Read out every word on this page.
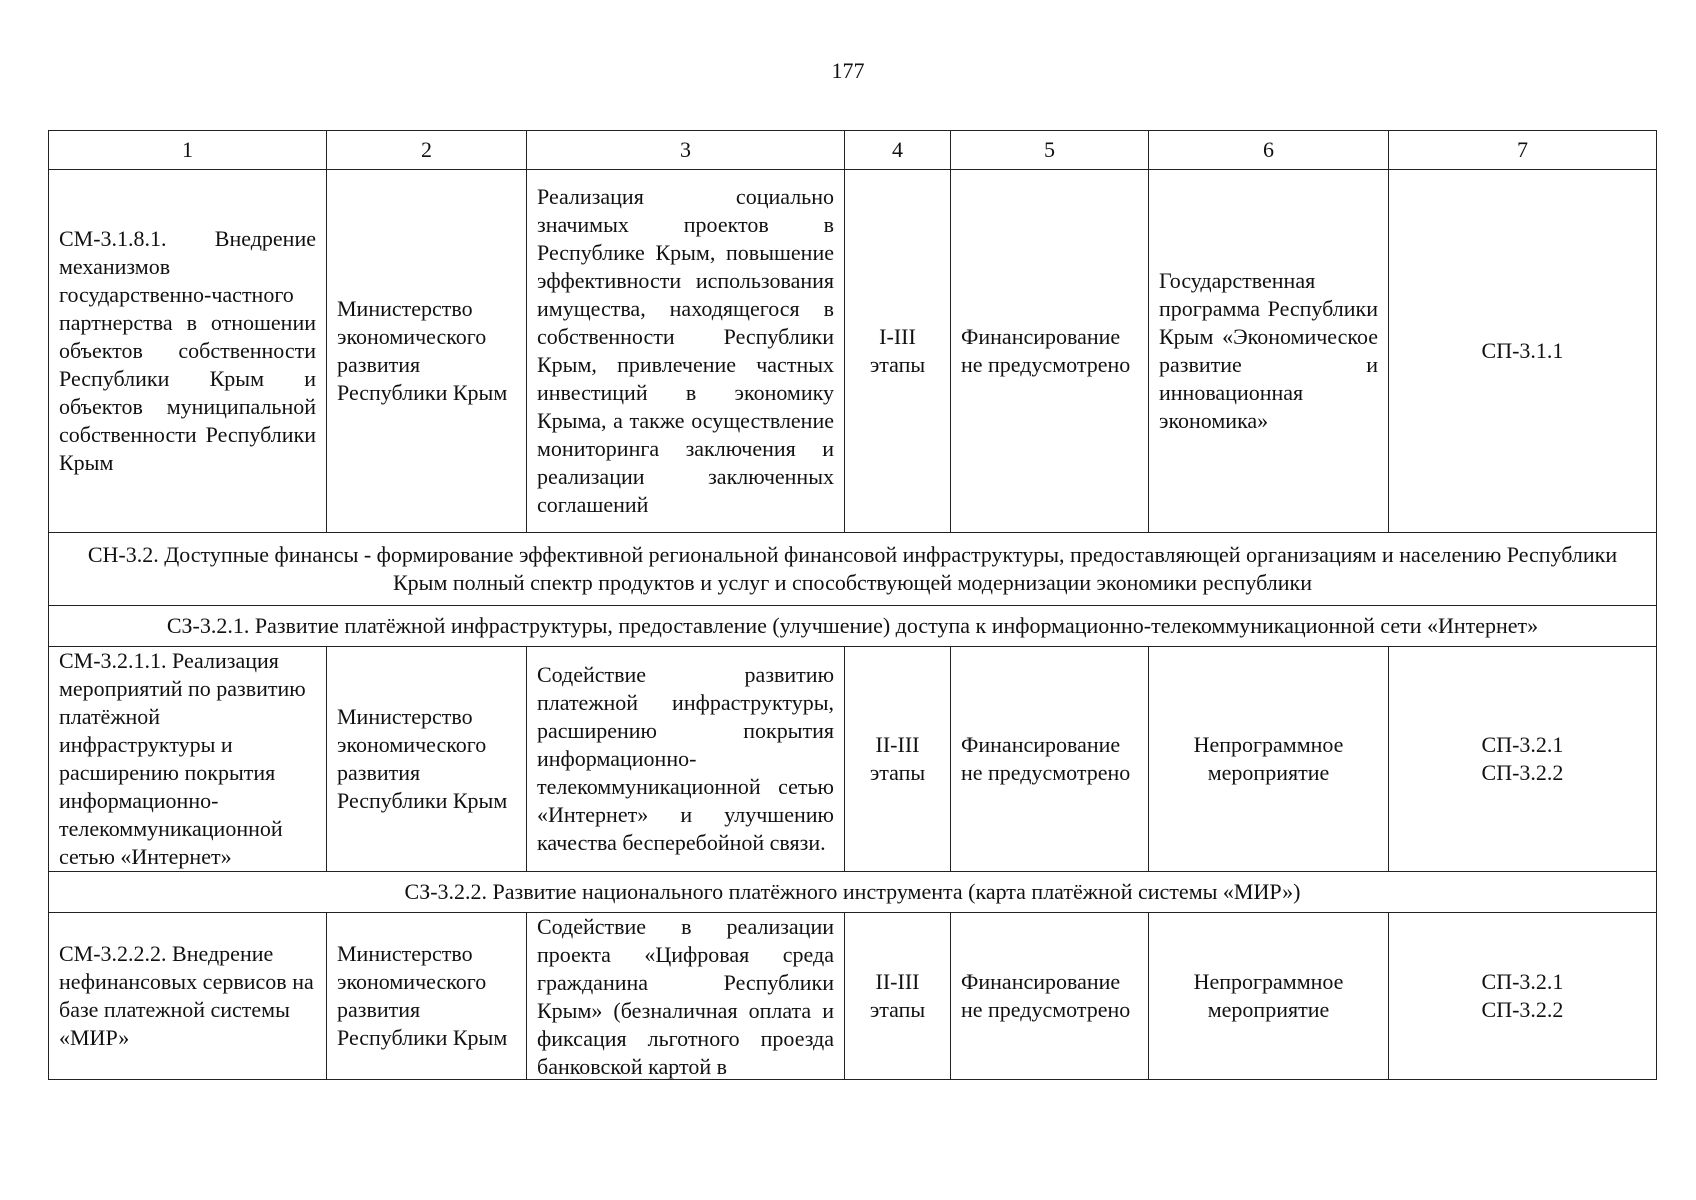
177
1	2	3	4	5	6	7
СМ-3.1.8.1. Внедрение механизмов государственно-частного партнерства в отношении объектов собственности Республики Крым и объектов муниципальной собственности Республики Крым	Министерство экономического развития Республики Крым	Реализация социально значимых проектов в Республике Крым, повышение эффективности использования имущества, находящегося в собственности Республики Крым, привлечение частных инвестиций в экономику Крыма, а также осуществление мониторинга заключения и реализации заключенных соглашений	I-III этапы	Финансирование не предусмотрено	Государственная программа Республики Крым «Экономическое развитие и инновационная экономика»	СП-3.1.1
СН-3.2. Доступные финансы - формирование эффективной региональной финансовой инфраструктуры, предоставляющей организациям и населению Республики Крым полный спектр продуктов и услуг и способствующей модернизации экономики республики						
СЗ-3.2.1. Развитие платёжной инфраструктуры, предоставление (улучшение) доступа к информационно-телекоммуникационной сети «Интернет»						
СМ-3.2.1.1. Реализация мероприятий по развитию платёжной инфраструктуры и расширению покрытия информационно-телекоммуникационной сетью «Интернет»	Министерство экономического развития Республики Крым	Содействие развитию платежной инфраструктуры, расширению покрытия информационно-телекоммуникационной сетью «Интернет» и улучшению качества бесперебойной связи.	II-III этапы	Финансирование не предусмотрено	Непрограммное мероприятие	СП-3.2.1 СП-3.2.2
СЗ-3.2.2. Развитие национального платёжного инструмента (карта платёжной системы «МИР»)						
СМ-3.2.2.2. Внедрение нефинансовых сервисов на базе платежной системы «МИР»	Министерство экономического развития Республики Крым	Содействие в реализации проекта «Цифровая среда гражданина Республики Крым» (безналичная оплата и фиксация льготного проезда банковской картой в	II-III этапы	Финансирование не предусмотрено	Непрограммное мероприятие	СП-3.2.1 СП-3.2.2
